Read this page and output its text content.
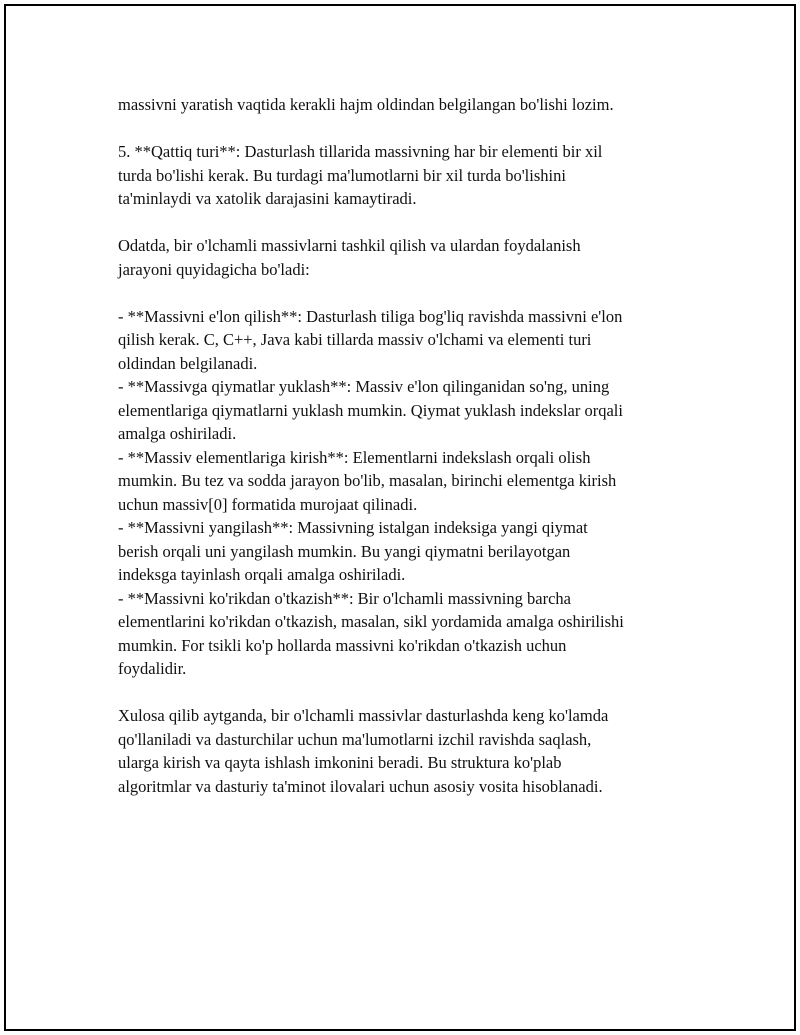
massivni yaratish vaqtida kerakli hajm oldindan belgilangan bo'lishi lozim.
5. **Qattiq turi**: Dasturlash tillarida massivning har bir elementi bir xil
turda bo'lishi kerak. Bu turdagi ma'lumotlarni bir xil turda bo'lishini
ta'minlaydi va xatolik darajasini kamaytiradi.
Odatda, bir o'lchamli massivlarni tashkil qilish va ulardan foydalanish
jarayoni quyidagicha bo'ladi:
- **Massivni e'lon qilish**: Dasturlash tiliga bog'liq ravishda massivni e'lon
qilish kerak. C, C++, Java kabi tillarda massiv o'lchami va elementi turi
oldindan belgilanadi.
- **Massivga qiymatlar yuklash**: Massiv e'lon qilinganidan so'ng, uning
elementlariga qiymatlarni yuklash mumkin. Qiymat yuklash indekslar orqali
amalga oshiriladi.
- **Massiv elementlariga kirish**: Elementlarni indekslash orqali olish
mumkin. Bu tez va sodda jarayon bo'lib, masalan, birinchi elementga kirish
uchun massiv[0] formatida murojaat qilinadi.
- **Massivni yangilash**: Massivning istalgan indeksiga yangi qiymat
berish orqali uni yangilash mumkin. Bu yangi qiymatni berilayotgan
indeksga tayinlash orqali amalga oshiriladi.
- **Massivni ko'rikdan o'tkazish**: Bir o'lchamli massivning barcha
elementlarini ko'rikdan o'tkazish, masalan, sikl yordamida amalga oshirilishi
mumkin. For tsikli ko'p hollarda massivni ko'rikdan o'tkazish uchun
foydalidir.
Xulosa qilib aytganda, bir o'lchamli massivlar dasturlashda keng ko'lamda
qo'llaniladi va dasturchilar uchun ma'lumotlarni izchil ravishda saqlash,
ularga kirish va qayta ishlash imkonini beradi. Bu struktura ko'plab
algoritmlar va dasturiy ta'minot ilovalari uchun asosiy vosita hisoblanadi.
